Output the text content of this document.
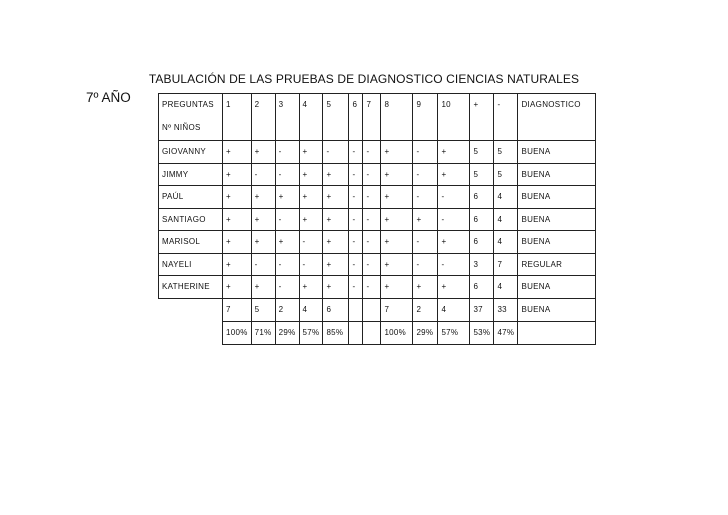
TABULACIÓN DE LAS PRUEBAS DE DIAGNOSTICO CIENCIAS NATURALES
7º AÑO	PREGUNTAS
Nº NIÑOS	1	2	3	4	5	6	7	8	9	10	+	-	DIAGNOSTICO
GIOVANNY	+	+	-	+	-	-	-	+	-	+	5	5	BUENA
JIMMY	+	-	-	+	+	-	-	+	-	+	5	5	BUENA
PAÚL	+	+	+	+	+	-	-	+	-	-	6	4	BUENA
SANTIAGO	+	+	-	+	+	-	-	+	+	-	6	4	BUENA
MARISOL	+	+	+	-	+	-	-	+	-	+	6	4	BUENA
NAYELI	+	-	-	-	+	-	-	+	-	-	3	7	REGULAR
KATHERINE	+	+	-	+	+	-	-	+	+	+	6	4	BUENA
	7	5	2	4	6			7	2	4	37	33	BUENA
	100%	71%	29%	57%	85%			100%	29%	57%	53%	47%	
